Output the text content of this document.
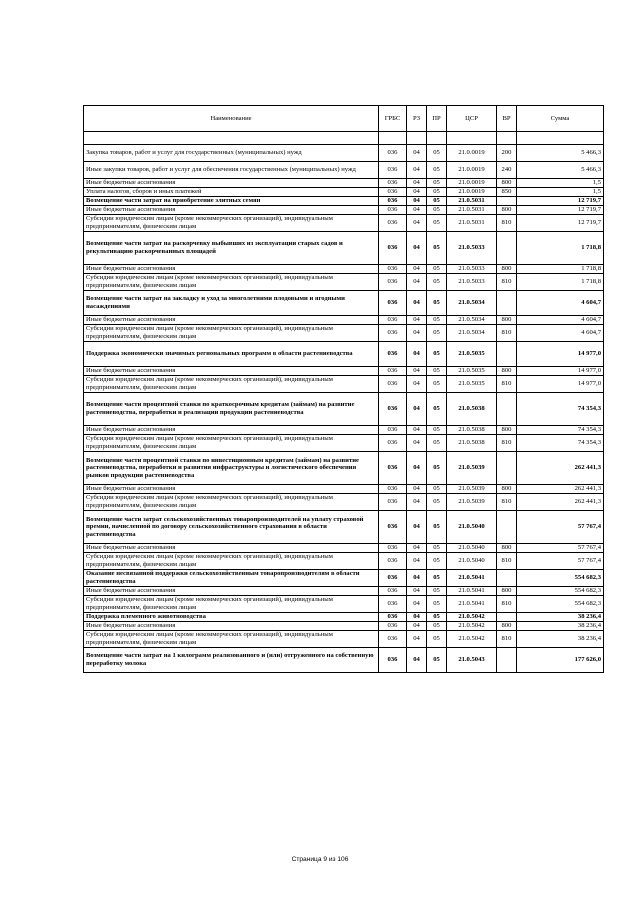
Наименование	ГРБС	РЗ	ПР	ЦСР	ВР	Сумма

Закупка товаров, работ и услуг для государственных (муниципальных) нужд	036	04	05	21.0.0019	200	5 466,3
Иные закупки товаров, работ и услуг для обеспечения государственных (муниципальных) нужд	036	04	05	21.0.0019	240	5 466,3
Иные бюджетные ассигнования	036	04	05	21.0.0019	800	1,5
Уплата налогов, сборов и иных платежей	036	04	05	21.0.0019	850	1,5
Возмещение части затрат на приобретение элитных семян	036	04	05	21.0.5031		12 719,7
Иные бюджетные ассигнования	036	04	05	21.0.5031	800	12 719,7
Субсидии юридическим лицам (кроме некоммерческих организаций), индивидуальным предпринимателям, физическим лицам	036	04	05	21.0.5031	810	12 719,7
Возмещение части затрат на раскорчевку выбывших из эксплуатации старых садов и рекультивацию раскорчеванных площадей	036	04	05	21.0.5033		1 718,8
Иные бюджетные ассигнования	036	04	05	21.0.5033	800	1 718,8
Субсидии юридическим лицам (кроме некоммерческих организаций), индивидуальным предпринимателям, физическим лицам	036	04	05	21.0.5033	810	1 718,8
Возмещение части затрат на закладку и уход за многолетними плодовыми и ягодными насаждениями	036	04	05	21.0.5034		4 604,7
Иные бюджетные ассигнования	036	04	05	21.0.5034	800	4 604,7
Субсидии юридическим лицам (кроме некоммерческих организаций), индивидуальным предпринимателям, физическим лицам	036	04	05	21.0.5034	810	4 604,7
Поддержка экономически значимых региональных программ в области растениеводства	036	04	05	21.0.5035		14 977,0
Иные бюджетные ассигнования	036	04	05	21.0.5035	800	14 977,0
Субсидии юридическим лицам (кроме некоммерческих организаций), индивидуальным предпринимателям, физическим лицам	036	04	05	21.0.5035	810	14 977,0
Возмещение части процентной ставки по краткосрочным кредитам (займам) на развитие растениеводства, переработки и реализации продукции растениеводства	036	04	05	21.0.5038		74 354,3
Иные бюджетные ассигнования	036	04	05	21.0.5038	800	74 354,3
Субсидии юридическим лицам (кроме некоммерческих организаций), индивидуальным предпринимателям, физическим лицам	036	04	05	21.0.5038	810	74 354,3
Возмещение части процентной ставки по инвестиционным кредитам (займам) на развитие растениеводства, переработки и развития инфраструктуры и логистического обеспечения рынков продукции растениеводства	036	04	05	21.0.5039		262 441,3
Иные бюджетные ассигнования	036	04	05	21.0.5039	800	262 441,3
Субсидии юридическим лицам (кроме некоммерческих организаций), индивидуальным предпринимателям, физическим лицам	036	04	05	21.0.5039	810	262 441,3
Возмещение части затрат сельскохозяйственных товаропроизводителей на уплату страховой премии, начисленной по договору сельскохозяйственного страхования в области растениеводства	036	04	05	21.0.5040		57 767,4
Иные бюджетные ассигнования	036	04	05	21.0.5040	800	57 767,4
Субсидии юридическим лицам (кроме некоммерческих организаций), индивидуальным предпринимателям, физическим лицам	036	04	05	21.0.5040	810	57 767,4
Оказание несвязанной поддержки сельскохозяйственным товаропроизводителям в области растениеводства	036	04	05	21.0.5041		554 682,3
Иные бюджетные ассигнования	036	04	05	21.0.5041	800	554 682,3
Субсидии юридическим лицам (кроме некоммерческих организаций), индивидуальным предпринимателям, физическим лицам	036	04	05	21.0.5041	810	554 682,3
Поддержка племенного животноводства	036	04	05	21.0.5042		38 236,4
Иные бюджетные ассигнования	036	04	05	21.0.5042	800	38 236,4
Субсидии юридическим лицам (кроме некоммерческих организаций), индивидуальным предпринимателям, физическим лицам	036	04	05	21.0.5042	810	38 236,4
Возмещение части затрат на 1 килограмм реализованного и (или) отгруженного на собственную переработку молока	036	04	05	21.0.5043		177 626,0
Страница 9 из 106
